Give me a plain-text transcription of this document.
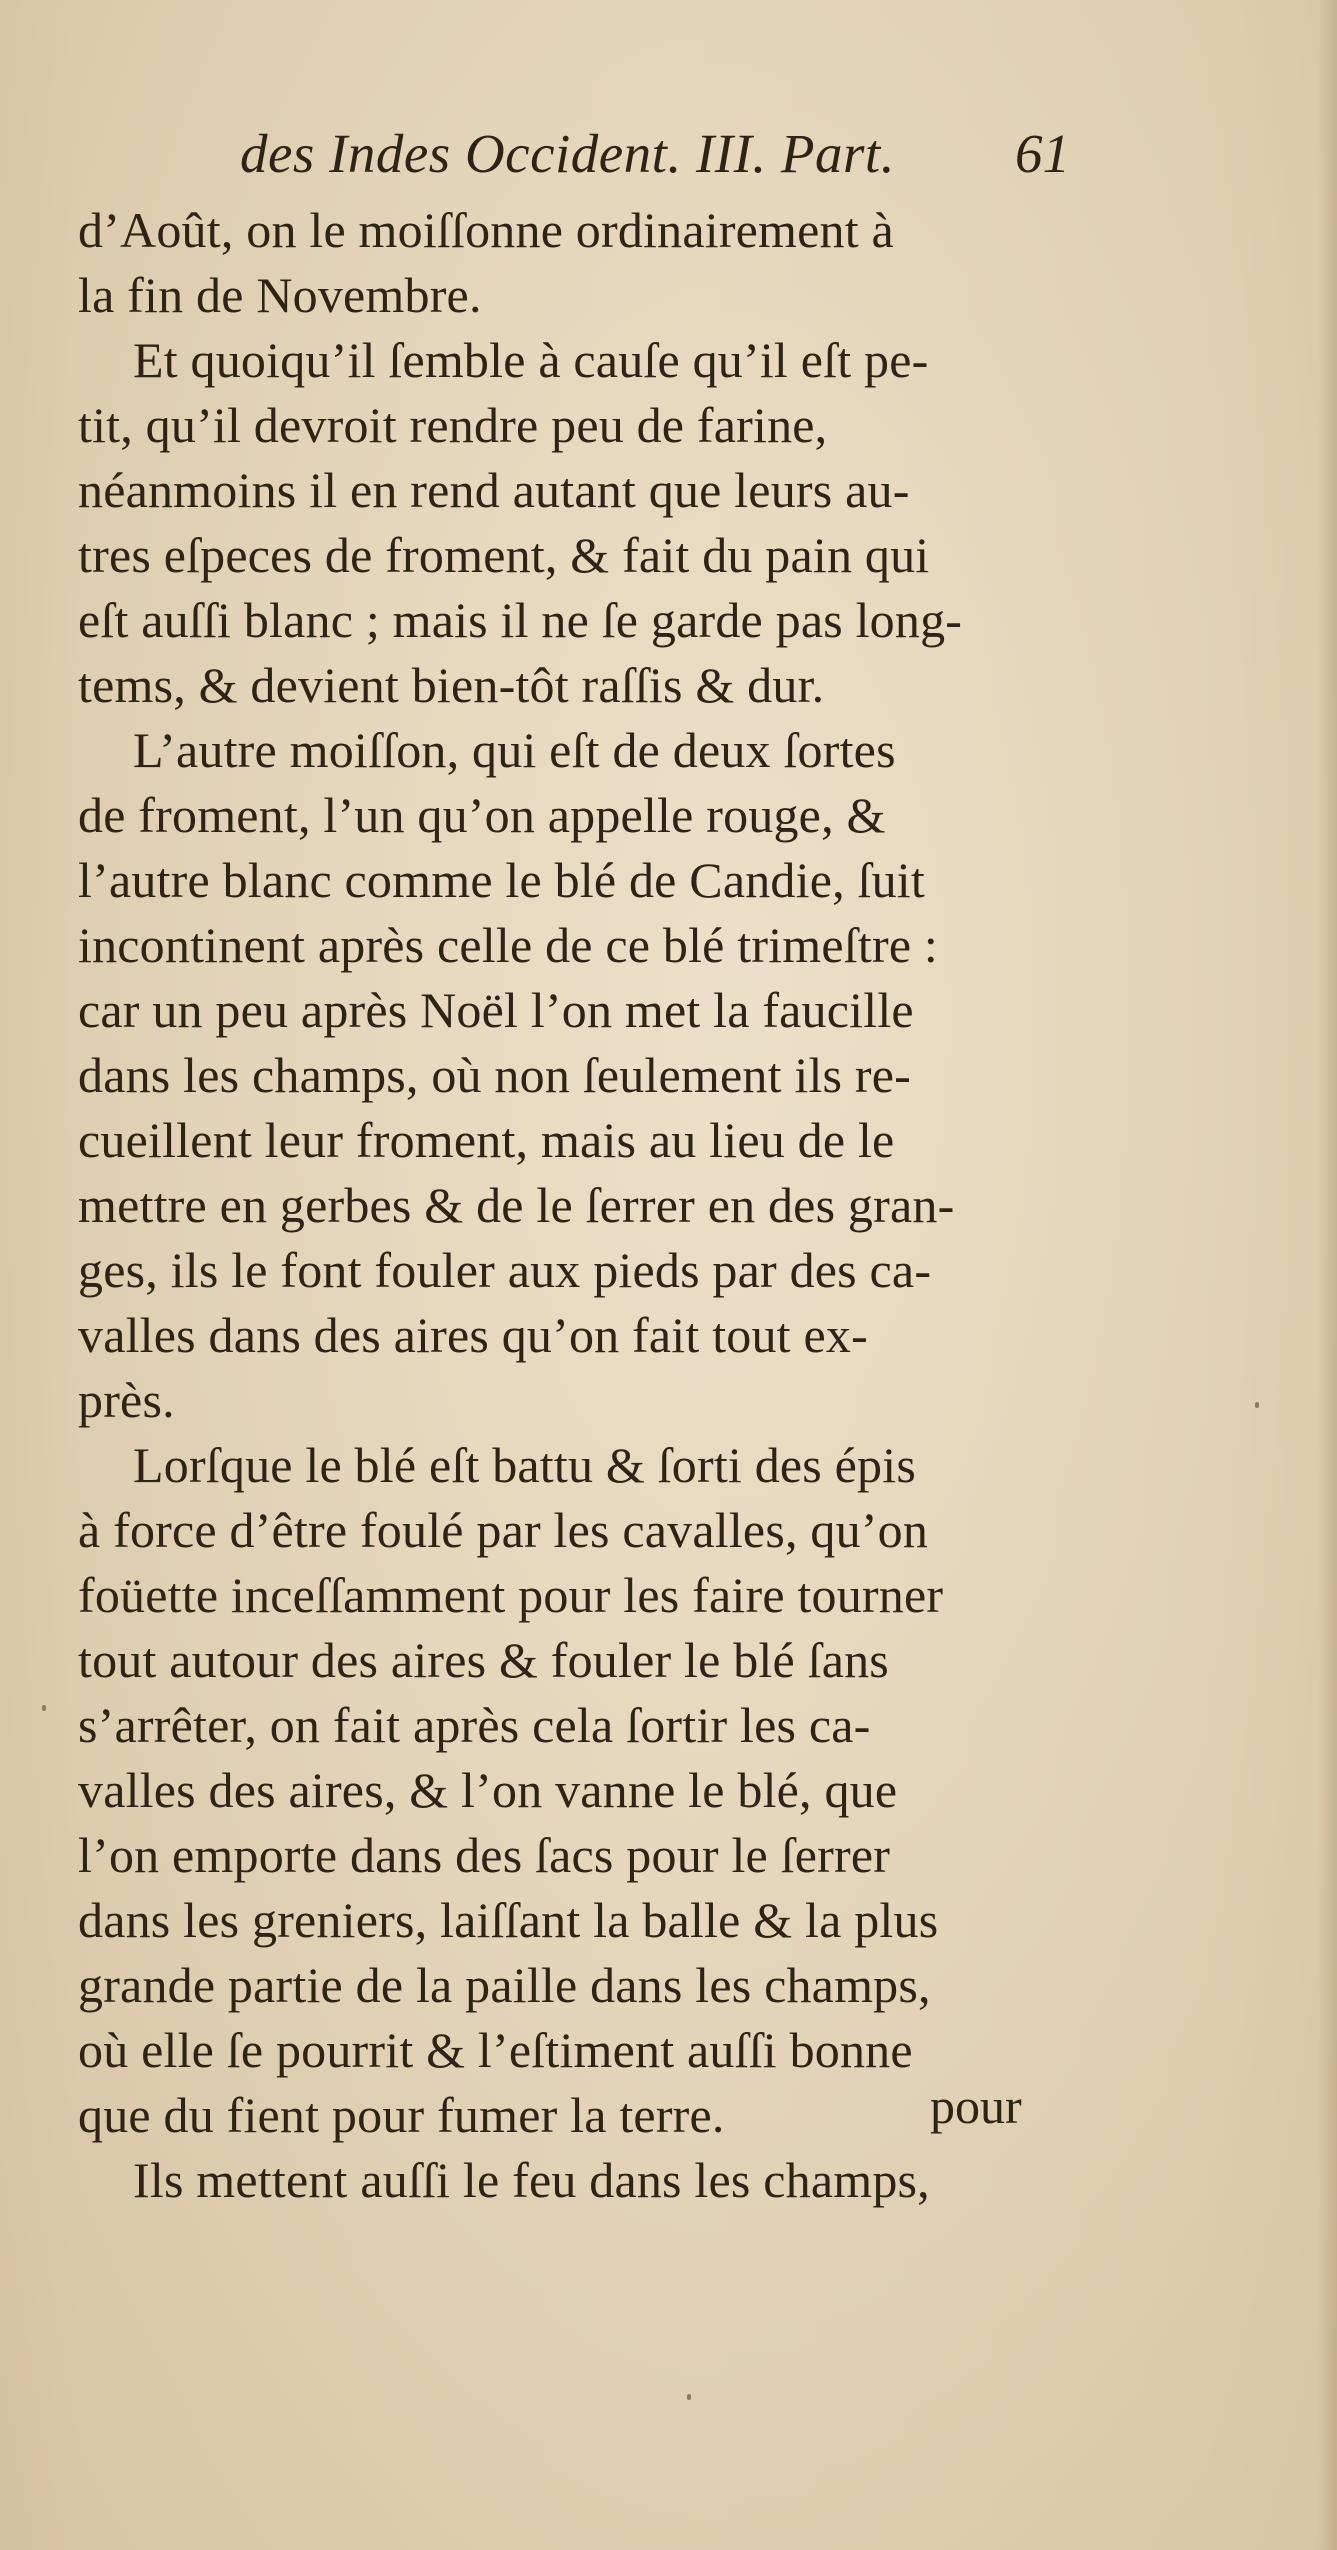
des Indes Occident. III. Part. 61
d’Août, on le moiſſonne ordinairement à
la fin de Novembre.
Et quoiqu’il ſemble à cauſe qu’il eſt pe-
tit, qu’il devroit rendre peu de farine,
néanmoins il en rend autant que leurs au-
tres eſpeces de froment, & fait du pain qui
eſt auſſi blanc ; mais il ne ſe garde pas long-
tems, & devient bien-tôt raſſis & dur.
L’autre moiſſon, qui eſt de deux ſortes
de froment, l’un qu’on appelle rouge, &
l’autre blanc comme le blé de Candie, ſuit
incontinent après celle de ce blé trimeſtre :
car un peu après Noël l’on met la faucille
dans les champs, où non ſeulement ils re-
cueillent leur froment, mais au lieu de le
mettre en gerbes & de le ſerrer en des gran-
ges, ils le font fouler aux pieds par des ca-
valles dans des aires qu’on fait tout ex-
près.
Lorſque le blé eſt battu & ſorti des épis
à force d’être foulé par les cavalles, qu’on
foüette inceſſamment pour les faire tourner
tout autour des aires & fouler le blé ſans
s’arrêter, on fait après cela ſortir les ca-
valles des aires, & l’on vanne le blé, que
l’on emporte dans des ſacs pour le ſerrer
dans les greniers, laiſſant la balle & la plus
grande partie de la paille dans les champs,
où elle ſe pourrit & l’eſtiment auſſi bonne
que du fient pour fumer la terre.
Ils mettent auſſi le feu dans les champs,
pour
